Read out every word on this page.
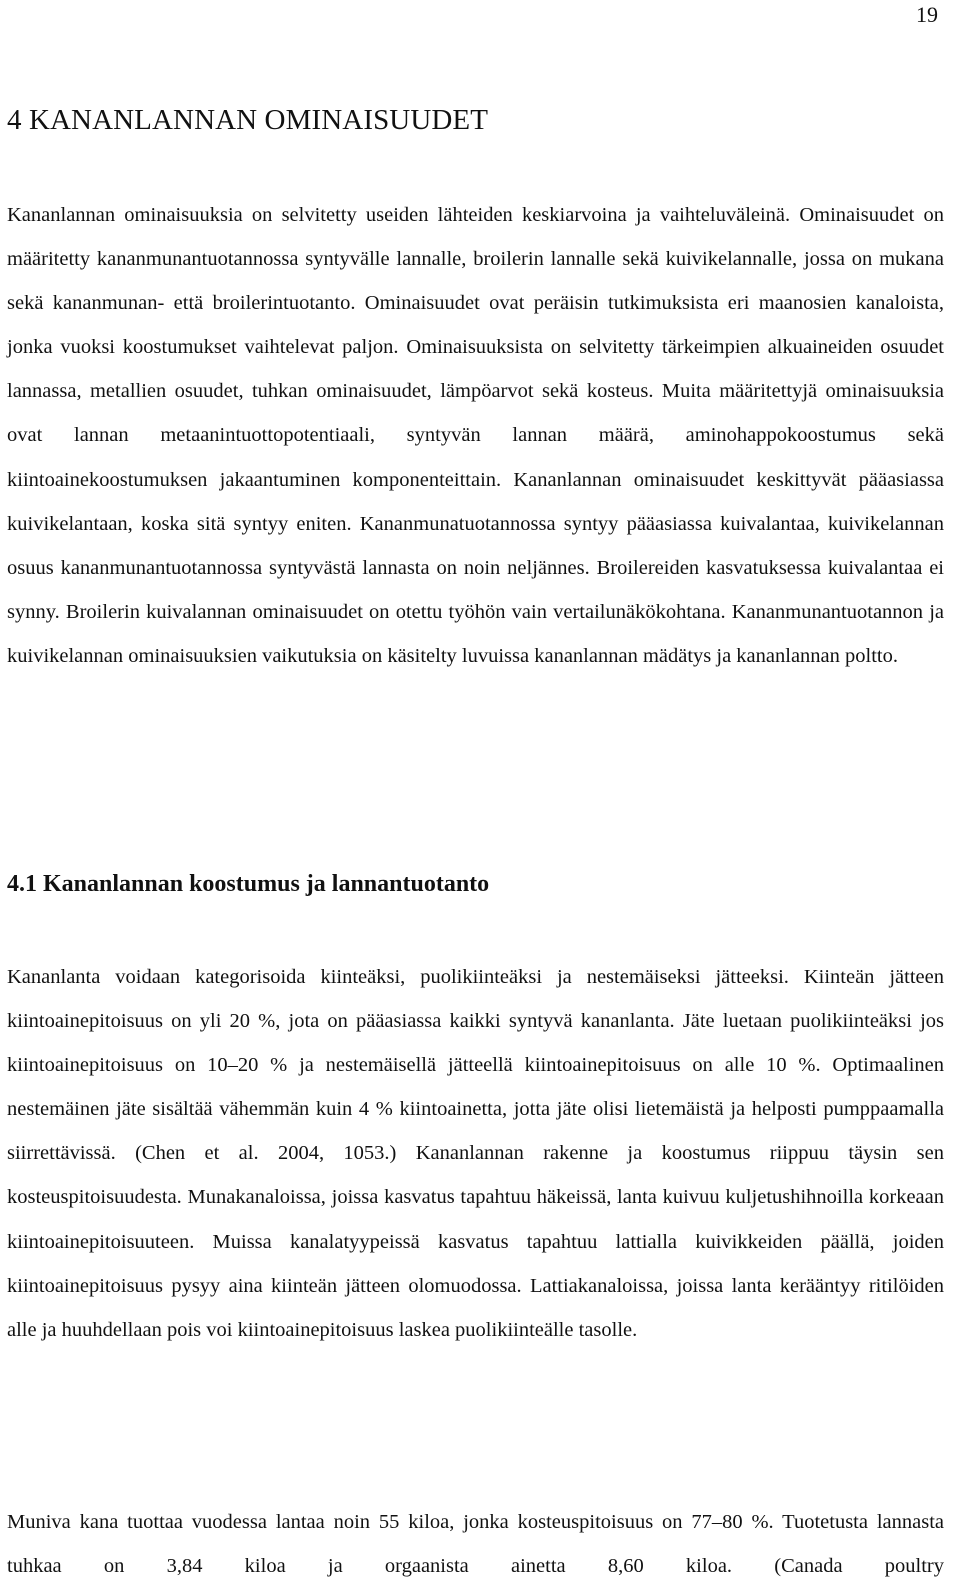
19
4 KANANLANNAN OMINAISUUDET

Kananlannan ominaisuuksia on selvitetty useiden lähteiden keskiarvoina ja vaihteluväleinä. Ominaisuudet on määritetty kananmunantuotannossa syntyvälle lannalle, broilerin lannalle sekä kuivikelannalle, jossa on mukana sekä kananmunan- että broilerintuotanto. Ominaisuudet ovat peräisin tutkimuksista eri maanosien kanaloista, jonka vuoksi koostumukset vaihtelevat paljon. Ominaisuuksista on selvitetty tärkeimpien alkuaineiden osuudet lannassa, metallien osuudet, tuhkan ominaisuudet, lämpöarvot sekä kosteus. Muita määritettyjä ominaisuuksia ovat lannan metaanintuottopotentiaali, syntyvän lannan määrä, aminohappokoostumus sekä kiintoainekoostumuksen jakaantuminen komponenteittain. Kananlannan ominaisuudet keskittyvät pääasiassa kuivikelantaan, koska sitä syntyy eniten. Kananmunatuotannossa syntyy pääasiassa kuivalantaa, kuivikelannan osuus kananmunantuotannossa syntyvästä lannasta on noin neljännes. Broilereiden kasvatuksessa kuivalantaa ei synny. Broilerin kuivalannan ominaisuudet on otettu työhön vain vertailunäkökohtana. Kananmunantuotannon ja kuivikelannan ominaisuuksien vaikutuksia on käsitelty luvuissa kananlannan mädätys ja kananlannan poltto.

4.1 Kananlannan koostumus ja lannantuotanto

Kananlanta voidaan kategorisoida kiinteäksi, puolikiinteäksi ja nestemäiseksi jätteeksi. Kiinteän jätteen kiintoainepitoisuus on yli 20 %, jota on pääasiassa kaikki syntyvä kananlanta. Jäte luetaan puolikiinteäksi jos kiintoainepitoisuus on 10–20 % ja nestemäisellä jätteellä kiintoainepitoisuus on alle 10 %. Optimaalinen nestemäinen jäte sisältää vähemmän kuin 4 % kiintoainetta, jotta jäte olisi lietemäistä ja helposti pumppaamalla siirrettävissä. (Chen et al. 2004, 1053.) Kananlannan rakenne ja koostumus riippuu täysin sen kosteuspitoisuudesta. Munakanaloissa, joissa kasvatus tapahtuu häkeissä, lanta kuivuu kuljetushihnoilla korkeaan kiintoainepitoisuuteen. Muissa kanalatyypeissä kasvatus tapahtuu lattialla kuivikkeiden päällä, joiden kiintoainepitoisuus pysyy aina kiinteän jätteen olomuodossa. Lattiakanaloissa, joissa lanta kerääntyy ritilöiden alle ja huuhdellaan pois voi kiintoainepitoisuus laskea puolikiinteälle tasolle.

Muniva kana tuottaa vuodessa lantaa noin 55 kiloa, jonka kosteuspitoisuus on 77–80 %. Tuotetusta lannasta tuhkaa on 3,84 kiloa ja orgaanista ainetta 8,60 kiloa. (Canada poultry
